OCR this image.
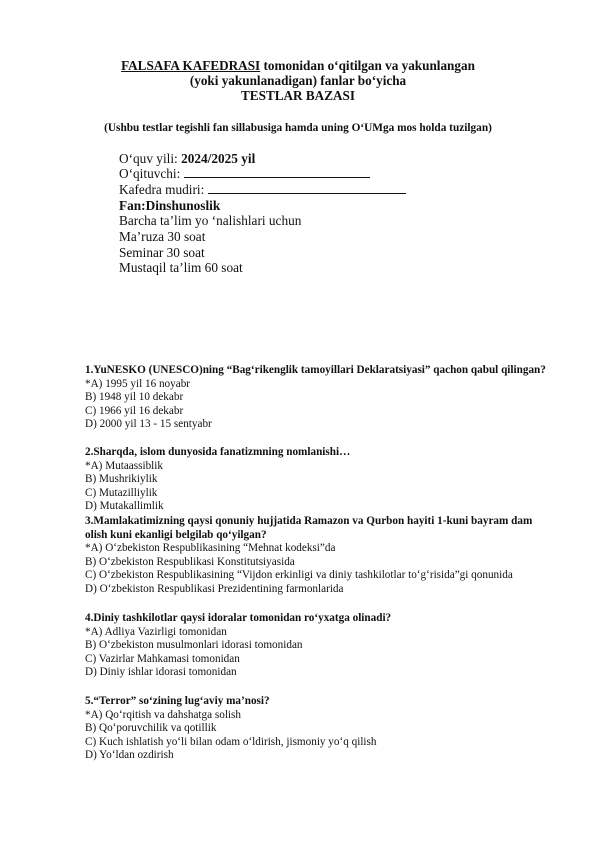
FALSAFA KAFEDRASI tomonidan o‘qitilgan va yakunlangan
(yoki yakunlanadigan) fanlar bo‘yicha
TESTLAR BAZASI
(Ushbu testlar tegishli fan sillabusiga hamda uning O‘UMga mos holda tuzilgan)
O‘quv yili: 2024/2025 yil
O‘qituvchi:
Kafedra mudiri:
Fan:Dinshunoslik
Barcha ta’lim yo ‘nalishlari uchun
Ma’ruza 30 soat
Seminar 30 soat
Mustaqil ta’lim 60 soat
1.YuNESKO (UNESCO)ning “Bag‘rikenglik tamoyillari Deklaratsiyasi” qachon qabul qilingan?
*A) 1995 yil 16 noyabr
B) 1948 yil 10 dekabr
C) 1966 yil 16 dekabr
D) 2000 yil 13 - 15 sentyabr
2.Sharqda, islom dunyosida fanatizmning nomlanishi…
*A) Mutaassiblik
B) Mushrikiylik
C) Mutazilliylik
D) Mutakallimlik
3.Mamlakatimizning qaysi qonuniy hujjatida Ramazon va Qurbon hayiti 1-kuni bayram dam olish kuni ekanligi belgilab qo‘yilgan?
*A) O‘zbekiston Respublikasining “Mehnat kodeksi”da
B) O‘zbekiston Respublikasi Konstitutsiyasida
C) O‘zbekiston Respublikasining “Vijdon erkinligi va diniy tashkilotlar to‘g‘risida”gi qonunida
D) O‘zbekiston Respublikasi Prezidentining farmonlarida
4.Diniy tashkilotlar qaysi idoralar tomonidan ro‘yxatga olinadi?
*A) Adliya Vazirligi tomonidan
B) O‘zbekiston musulmonlari idorasi tomonidan
C) Vazirlar Mahkamasi tomonidan
D) Diniy ishlar idorasi tomonidan
5.“Terror” so‘zining lug‘aviy ma’nosi?
*A) Qo‘rqitish va dahshatga solish
B) Qo‘poruvchilik va qotillik
C) Kuch ishlatish yo‘li bilan odam o‘ldirish, jismoniy yo‘q qilish
D) Yo‘ldan ozdirish
